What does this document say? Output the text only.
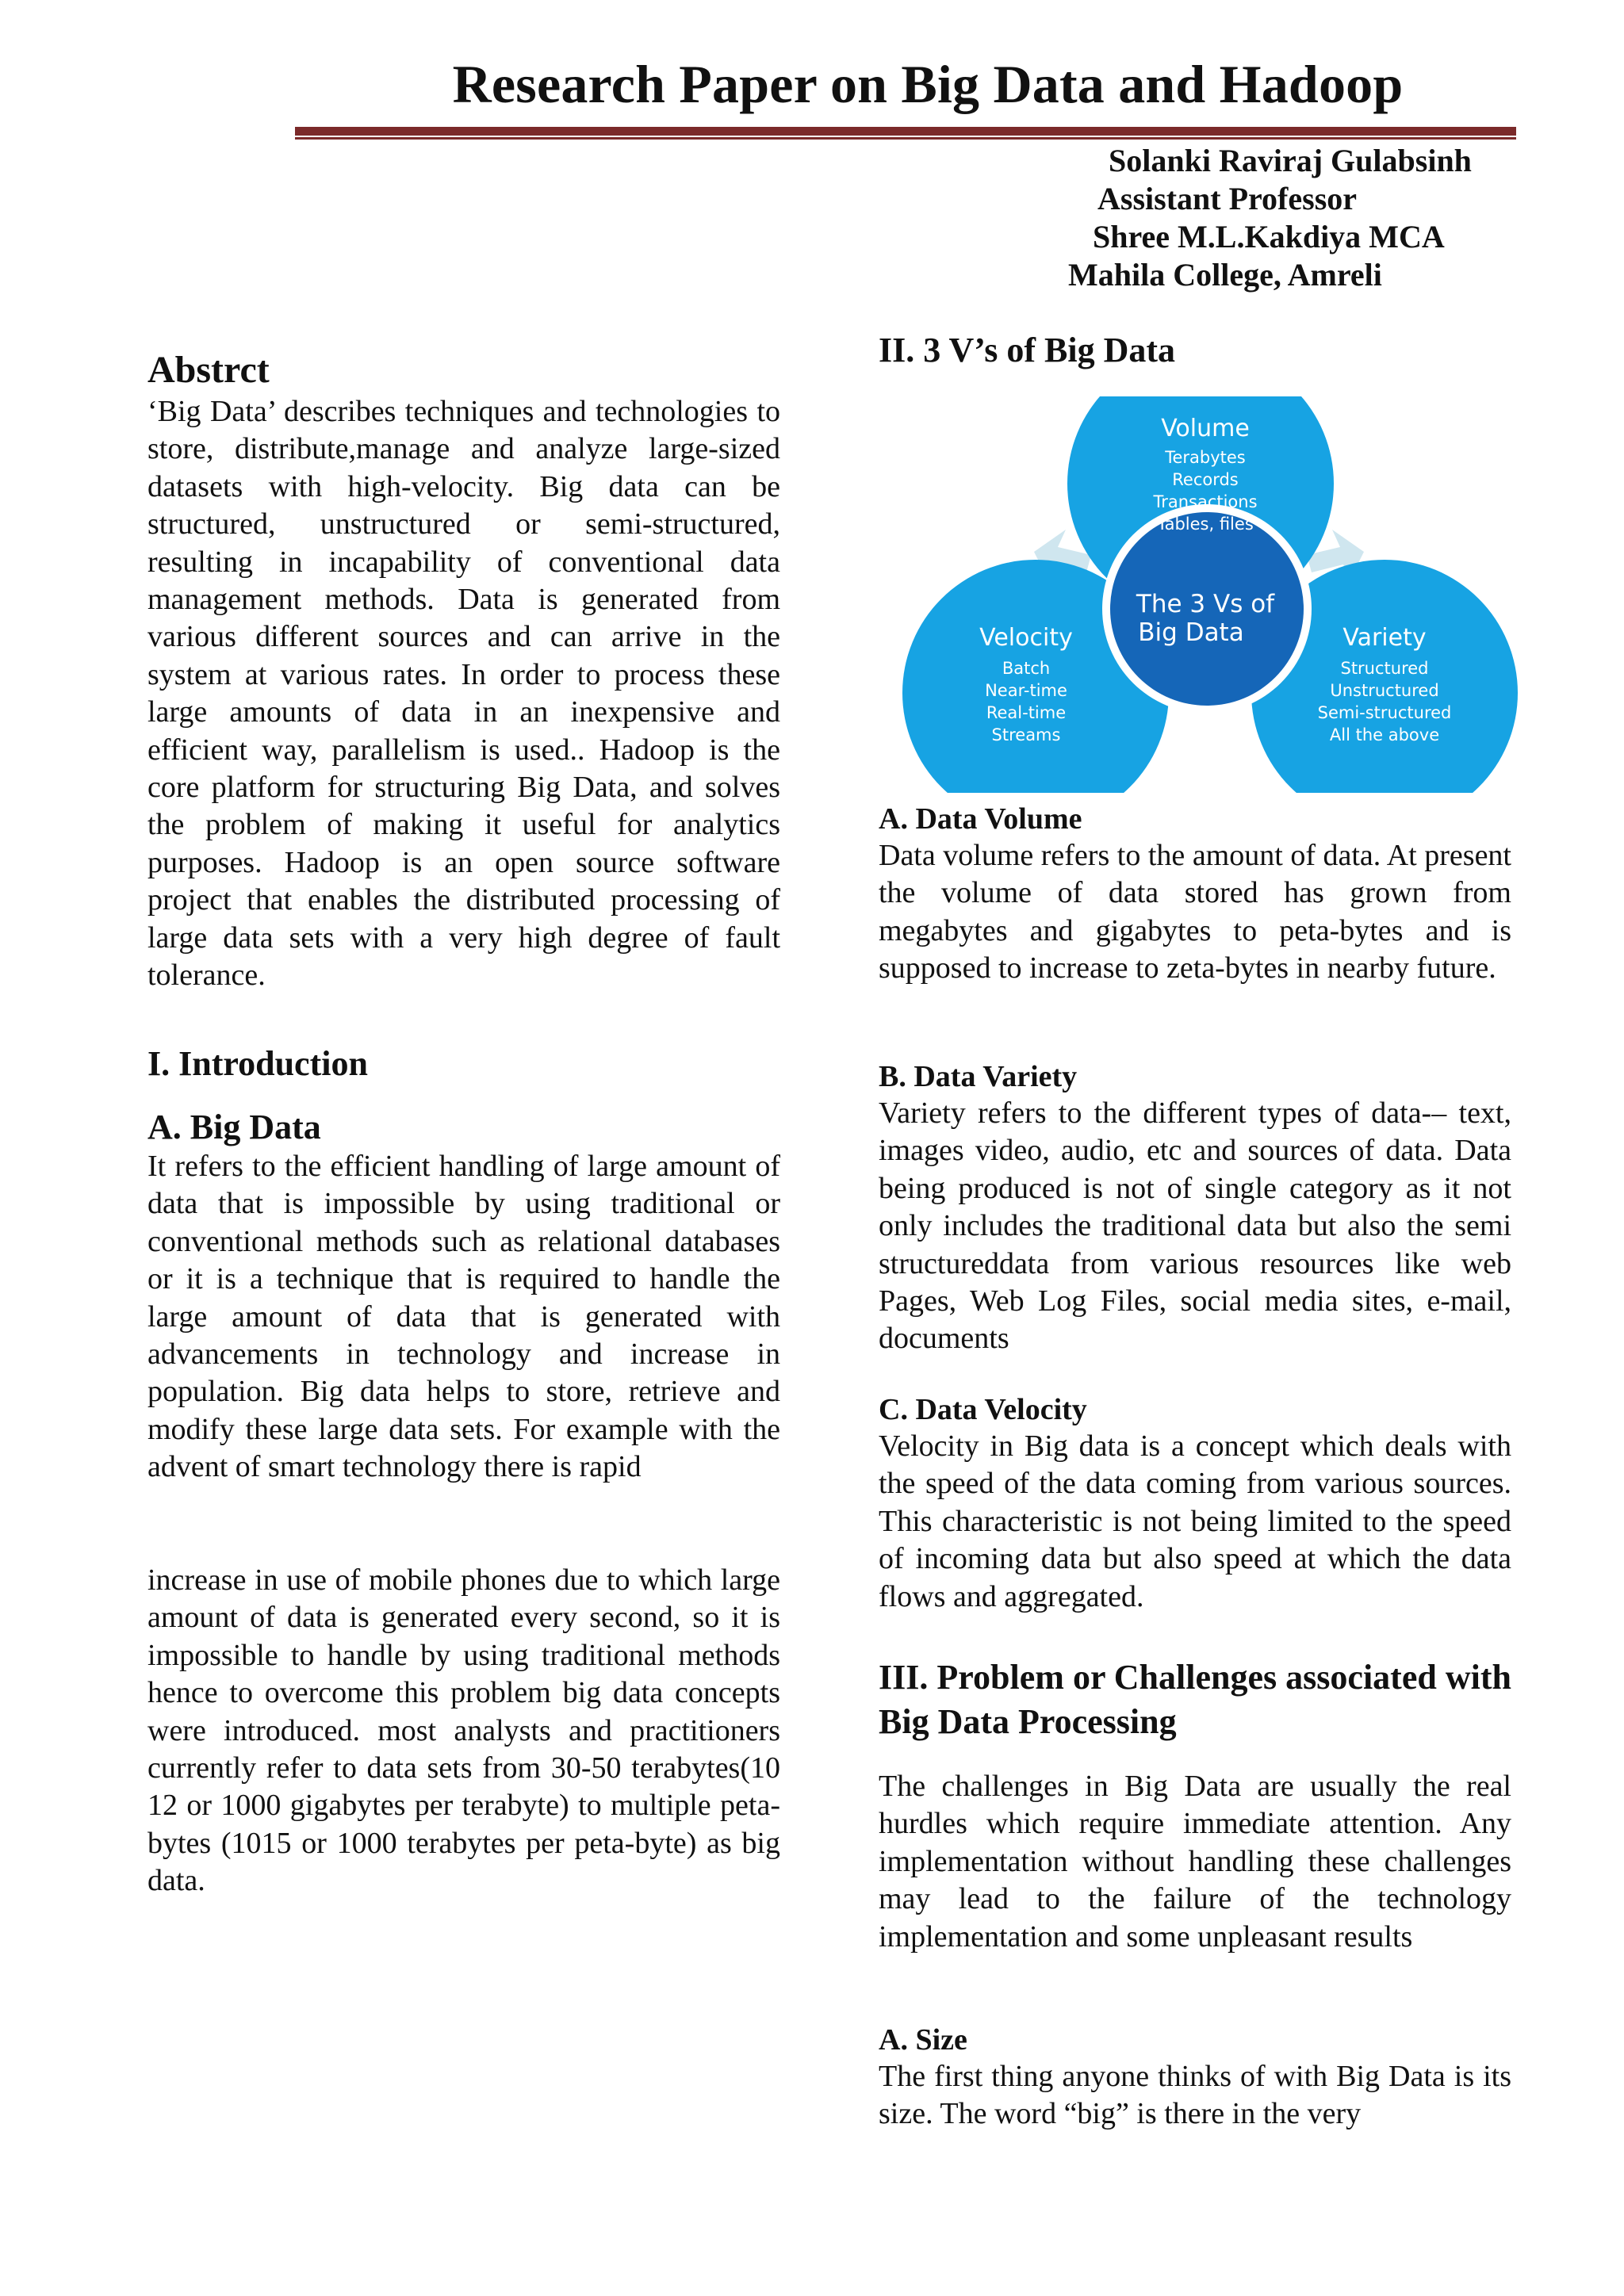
Research Paper on Big Data and Hadoop
Solanki Raviraj Gulabsinh
Assistant Professor
Shree M.L.Kakdiya MCA
Mahila College, Amreli
Abstrct

‘Big Data’ describes techniques and technologies to store, distribute,manage and analyze large-sized datasets with high-velocity. Big data can be structured, unstructured or semi-structured, resulting in incapability of conventional data management methods. Data is generated from various different sources and can arrive in the system at various rates. In order to process these large amounts of data in an inexpensive and efficient way, parallelism is used.. Hadoop is the core platform for structuring Big Data, and solves the problem of making it useful for analytics purposes. Hadoop is an open source software project that enables the distributed processing of large data sets with a very high degree of fault tolerance.

I. Introduction
A. Big Data

It refers to the efficient handling of large amount of data that is impossible by using traditional or conventional methods such as relational databases or it is a technique that is required to handle the large amount of data that is generated with advancements in technology and increase in population. Big data helps to store, retrieve and modify these large data sets. For example with the advent of smart technology there is rapid

increase in use of mobile phones due to which large amount of data is generated every second, so it is impossible to handle by using traditional methods hence to overcome this problem big data concepts were introduced. most analysts and practitioners currently refer to data sets from 30-50 terabytes(10 12 or 1000 gigabytes per terabyte) to multiple peta-bytes (1015 or 1000 terabytes per peta-byte) as big data.

II. 3 V’s of Big Data
A. Data Volume

Data volume refers to the amount of data. At present the volume of data stored has grown from megabytes and gigabytes to peta-bytes and is supposed to increase to zeta-bytes in nearby future.

B. Data Variety

Variety refers to the different types of data-– text, images video, audio, etc and sources of data. Data being produced is not of single category as it not only includes the traditional data but also the semi structureddata from various resources like web Pages, Web Log Files, social media sites, e-mail, documents

C. Data Velocity

Velocity in Big data is a concept which deals with the speed of the data coming from various sources. This characteristic is not being limited to the speed of incoming data but also speed at which the data flows and aggregated.

III. Problem or Challenges associated with Big Data Processing

The challenges in Big Data are usually the real hurdles which require immediate attention. Any implementation without handling these challenges may lead to the failure of the technology implementation and some unpleasant results

A. Size

The first thing anyone thinks of with Big Data is its size. The word “big” is there in the very

Volume
Terabytes
Records
Transactions
Tables, files
Velocity
Batch
Near-time
Real-time
Streams
Variety
Structured
Unstructured
Semi-structured
All the above
The 3 Vs of
Big Data
